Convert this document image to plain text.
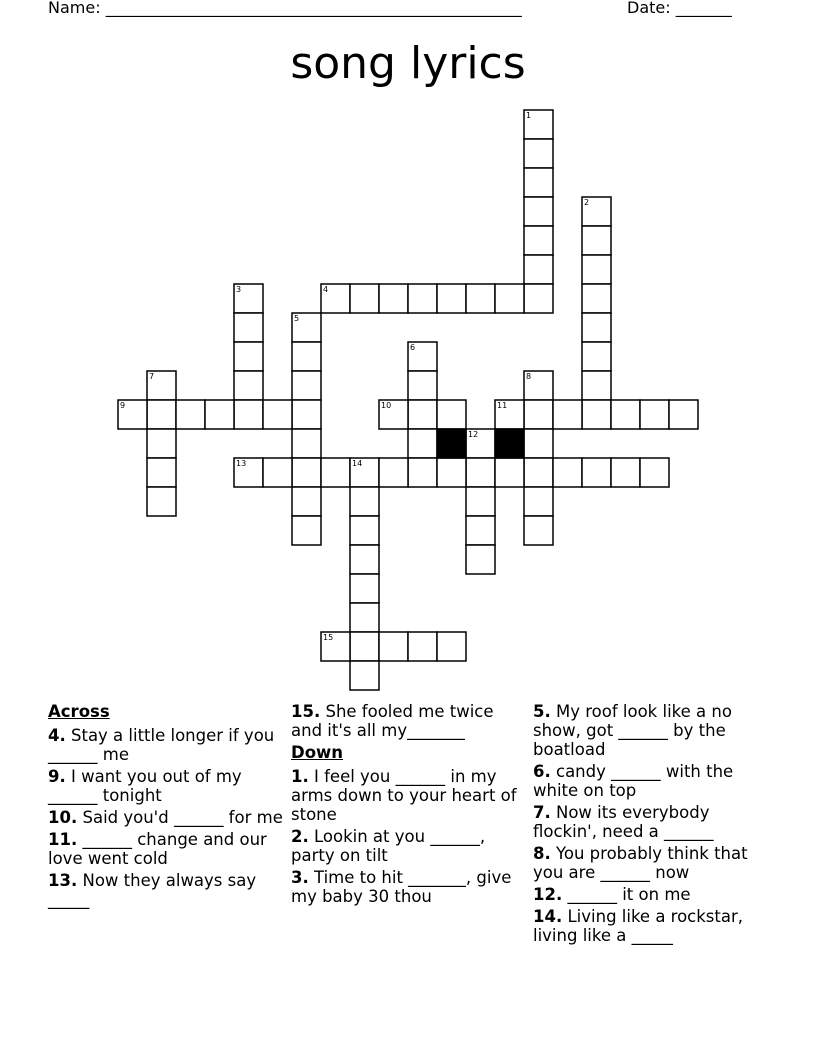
Name: ____________________________________________________	Date: _______
song lyrics
1
2
3	4
5
6
7	8
9	10	11
12
13	14
15
Across
4. Stay a little longer if you ______ me
9. I want you out of my ______ tonight
10. Said you'd ______ for me
11. ______ change and our love went cold
13. Now they always say _____
15. She fooled me twice and it's all my_______
Down
1. I feel you ______ in my arms down to your heart of stone
2. Lookin at you ______, party on tilt
3. Time to hit _______, give my baby 30 thou
5. My roof look like a no show, got ______ by the boatload
6. candy ______ with the white on top
7. Now its everybody flockin', need a ______
8. You probably think that you are ______ now
12. ______ it on me
14. Living like a rockstar, living like a _____
